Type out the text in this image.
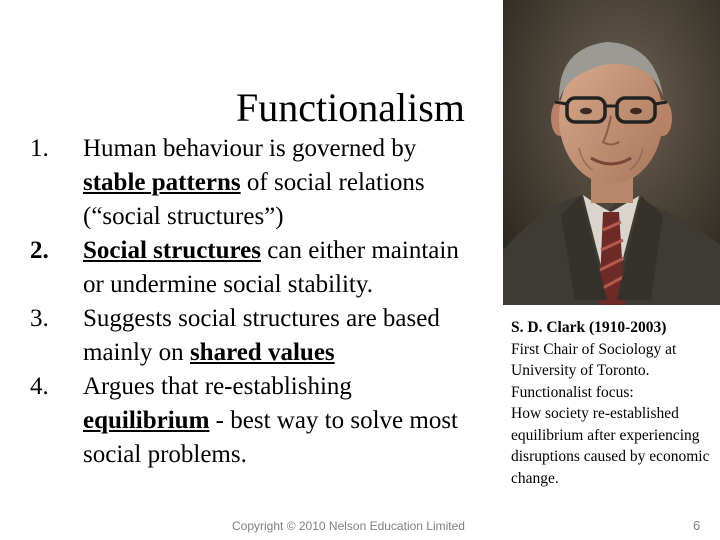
Functionalism
1. Human behaviour is governed by stable patterns of social relations (“social structures”)
2. Social structures can either maintain or undermine social stability.
3. Suggests social structures are based mainly on shared values
4. Argues that re-establishing equilibrium - best way to solve most social problems.
S. D. Clark (1910-2003)
First Chair of Sociology at University of Toronto.
Functionalist focus:
How society re-established equilibrium after experiencing disruptions caused by economic change.
Copyright © 2010 Nelson Education Limited	6
